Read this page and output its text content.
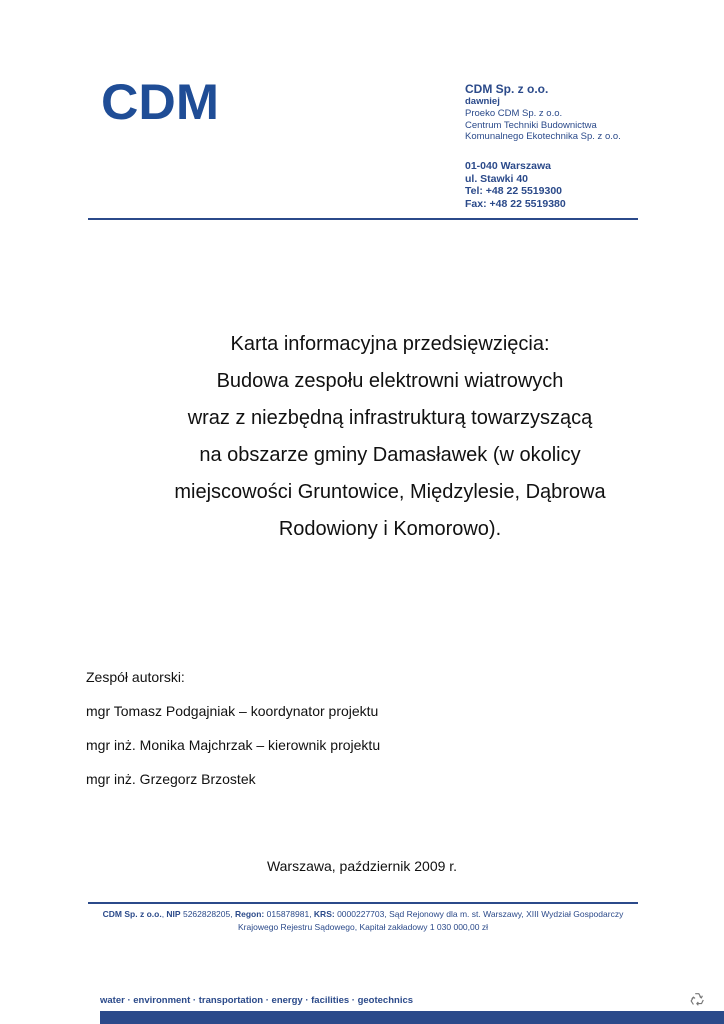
CDM	CDM Sp. z o.o.
dawniej
Proeko CDM Sp. z o.o.
Centrum Techniki Budownictwa
Komunalnego Ekotechnika Sp. z o.o.
01-040 Warszawa
ul. Stawki 40
Tel: +48 22 5519300
Fax: +48 22 5519380
Karta informacyjna przedsięwzięcia:
Budowa zespołu elektrowni wiatrowych
wraz z niezbędną infrastrukturą towarzyszącą
na obszarze gminy Damasławek (w okolicy
miejscowości Gruntowice, Międzylesie, Dąbrowa
Rodowiony i Komorowo).
Zespół autorski:
mgr Tomasz Podgajniak – koordynator projektu
mgr inż. Monika Majchrzak – kierownik projektu
mgr inż. Grzegorz Brzostek
Warszawa, październik 2009 r.
CDM Sp. z o.o., NIP 5262828205, Regon: 015878981, KRS: 0000227703, Sąd Rejonowy dla m. st. Warszawy, XIII Wydział Gospodarczy
Krajowego Rejestru Sądowego, Kapitał zakładowy 1 030 000,00 zł
water · environment · transportation · energy · facilities · geotechnics
